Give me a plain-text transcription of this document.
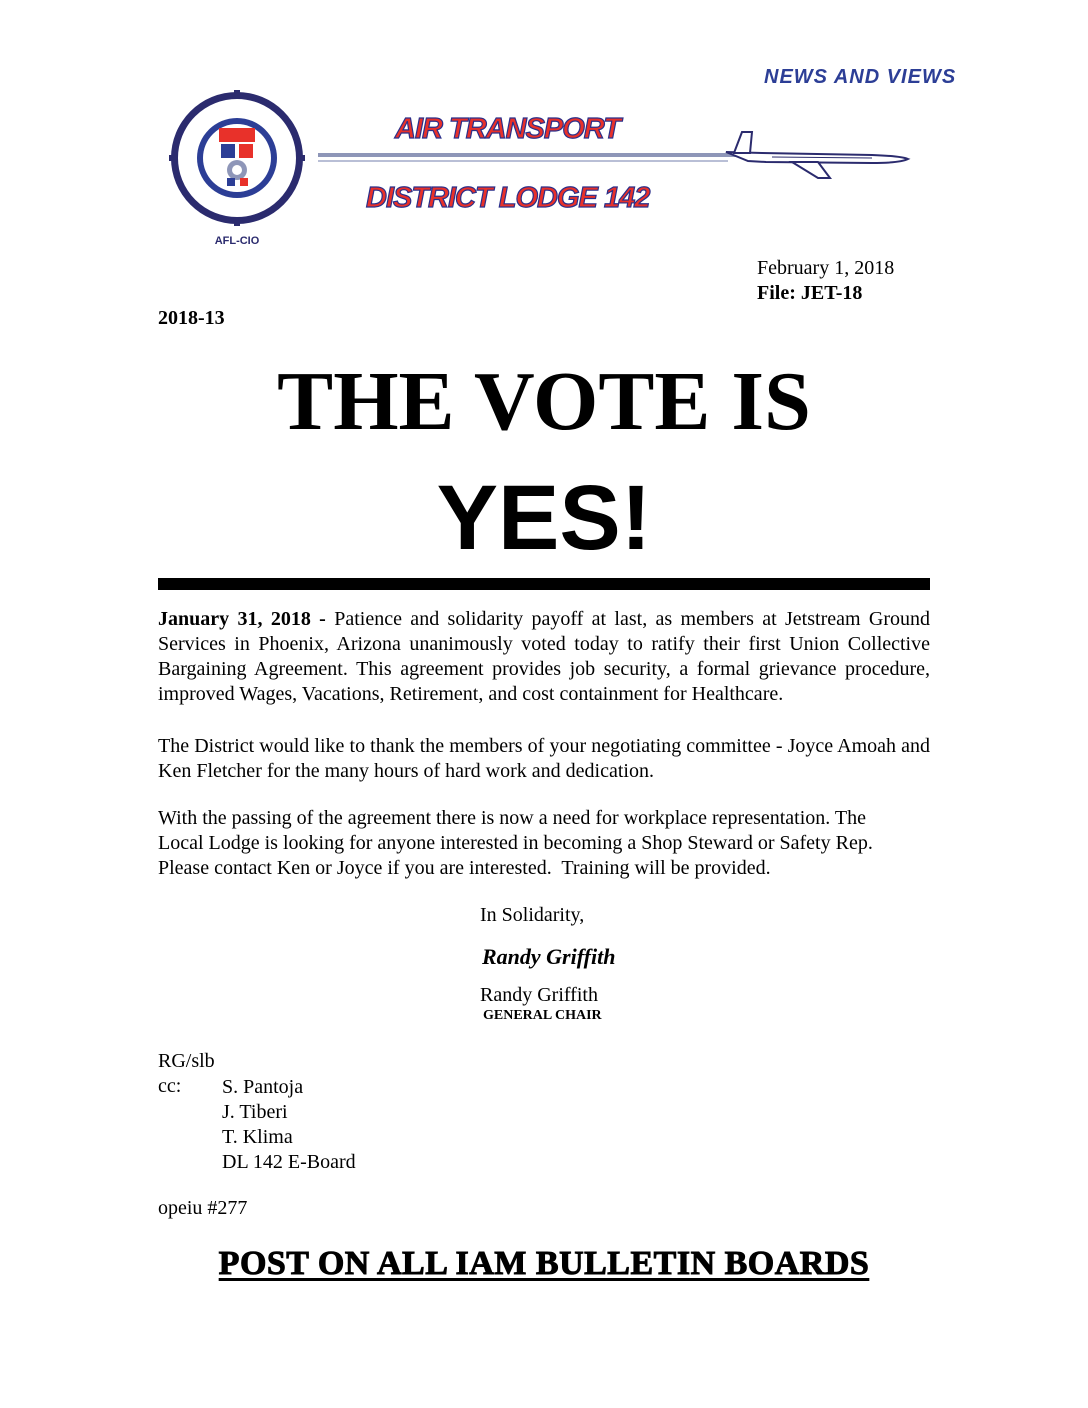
NEWS AND VIEWS
AFL-CIO
AIR TRANSPORT
DISTRICT LODGE 142
February 1, 2018
File: JET-18
2018-13
THE VOTE IS
YES!
January 31, 2018 - Patience and solidarity payoff at last, as members at Jetstream Ground Services in Phoenix, Arizona unanimously voted today to ratify their first Union Collective Bargaining Agreement. This agreement provides job security, a formal grievance procedure, improved Wages, Vacations, Retirement, and cost containment for Healthcare.
The District would like to thank the members of your negotiating committee - Joyce Amoah and Ken Fletcher for the many hours of hard work and dedication.
With the passing of the agreement there is now a need for workplace representation. The
Local Lodge is looking for anyone interested in becoming a Shop Steward or Safety Rep.
Please contact Ken or Joyce if you are interested.  Training will be provided.
In Solidarity,
Randy Griffith
Randy Griffith
GENERAL CHAIR
RG/slb
cc: S. Pantoja
J. Tiberi
T. Klima
DL 142 E-Board
opeiu #277
POST ON ALL IAM BULLETIN BOARDS
